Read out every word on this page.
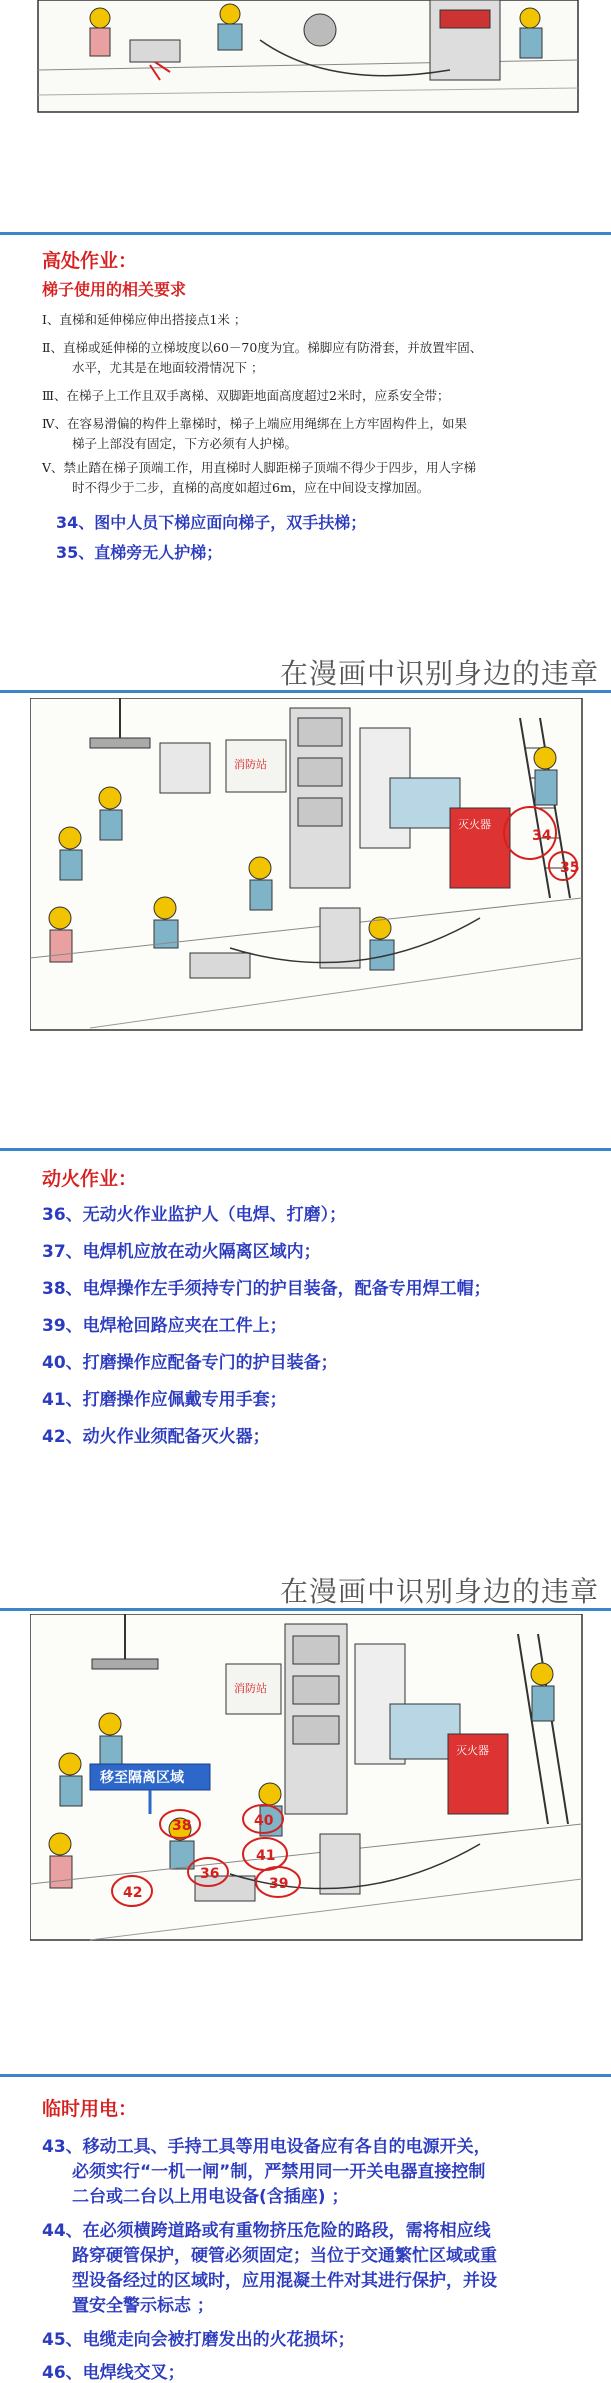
高处作业：
梯子使用的相关要求
Ⅰ、直梯和延伸梯应伸出搭接点1米 ；
Ⅱ、直梯或延伸梯的立梯坡度以60－70度为宜。梯脚应有防滑套，并放置牢固、
水平，尤其是在地面较滑情况下 ；
Ⅲ、在梯子上工作且双手离梯、双脚距地面高度超过2米时，应系安全带；
Ⅳ、在容易滑偏的构件上靠梯时，梯子上端应用绳绑在上方牢固构件上，如果
梯子上部没有固定，下方必须有人护梯。
Ⅴ、禁止踏在梯子顶端工作，用直梯时人脚距梯子顶端不得少于四步，用人字梯
时不得少于二步，直梯的高度如超过6m，应在中间设支撑加固。
34、图中人员下梯应面向梯子，双手扶梯；
35、直梯旁无人护梯；
在漫画中识别身边的违章
消防站
灭火器
34
35
动火作业：
36、无动火作业监护人（电焊、打磨）；
37、电焊机应放在动火隔离区域内；
38、电焊操作左手须持专门的护目装备，配备专用焊工帽；
39、电焊枪回路应夹在工件上；
40、打磨操作应配备专门的护目装备；
41、打磨操作应佩戴专用手套；
42、动火作业须配备灭火器；
在漫画中识别身边的违章
消防站
灭火器
移至隔离区域
38	40
41
36
39
42
临时用电：
43、移动工具、手持工具等用电设备应有各自的电源开关，
必须实行“一机一闸”制，严禁用同一开关电器直接控制
二台或二台以上用电设备(含插座) ；
44、在必须横跨道路或有重物挤压危险的路段，需将相应线
路穿硬管保护，硬管必须固定；当位于交通繁忙区域或重
型设备经过的区域时，应用混凝土件对其进行保护，并设
置安全警示标志 ；
45、电缆走向会被打磨发出的火花损坏；
46、电焊线交叉；
